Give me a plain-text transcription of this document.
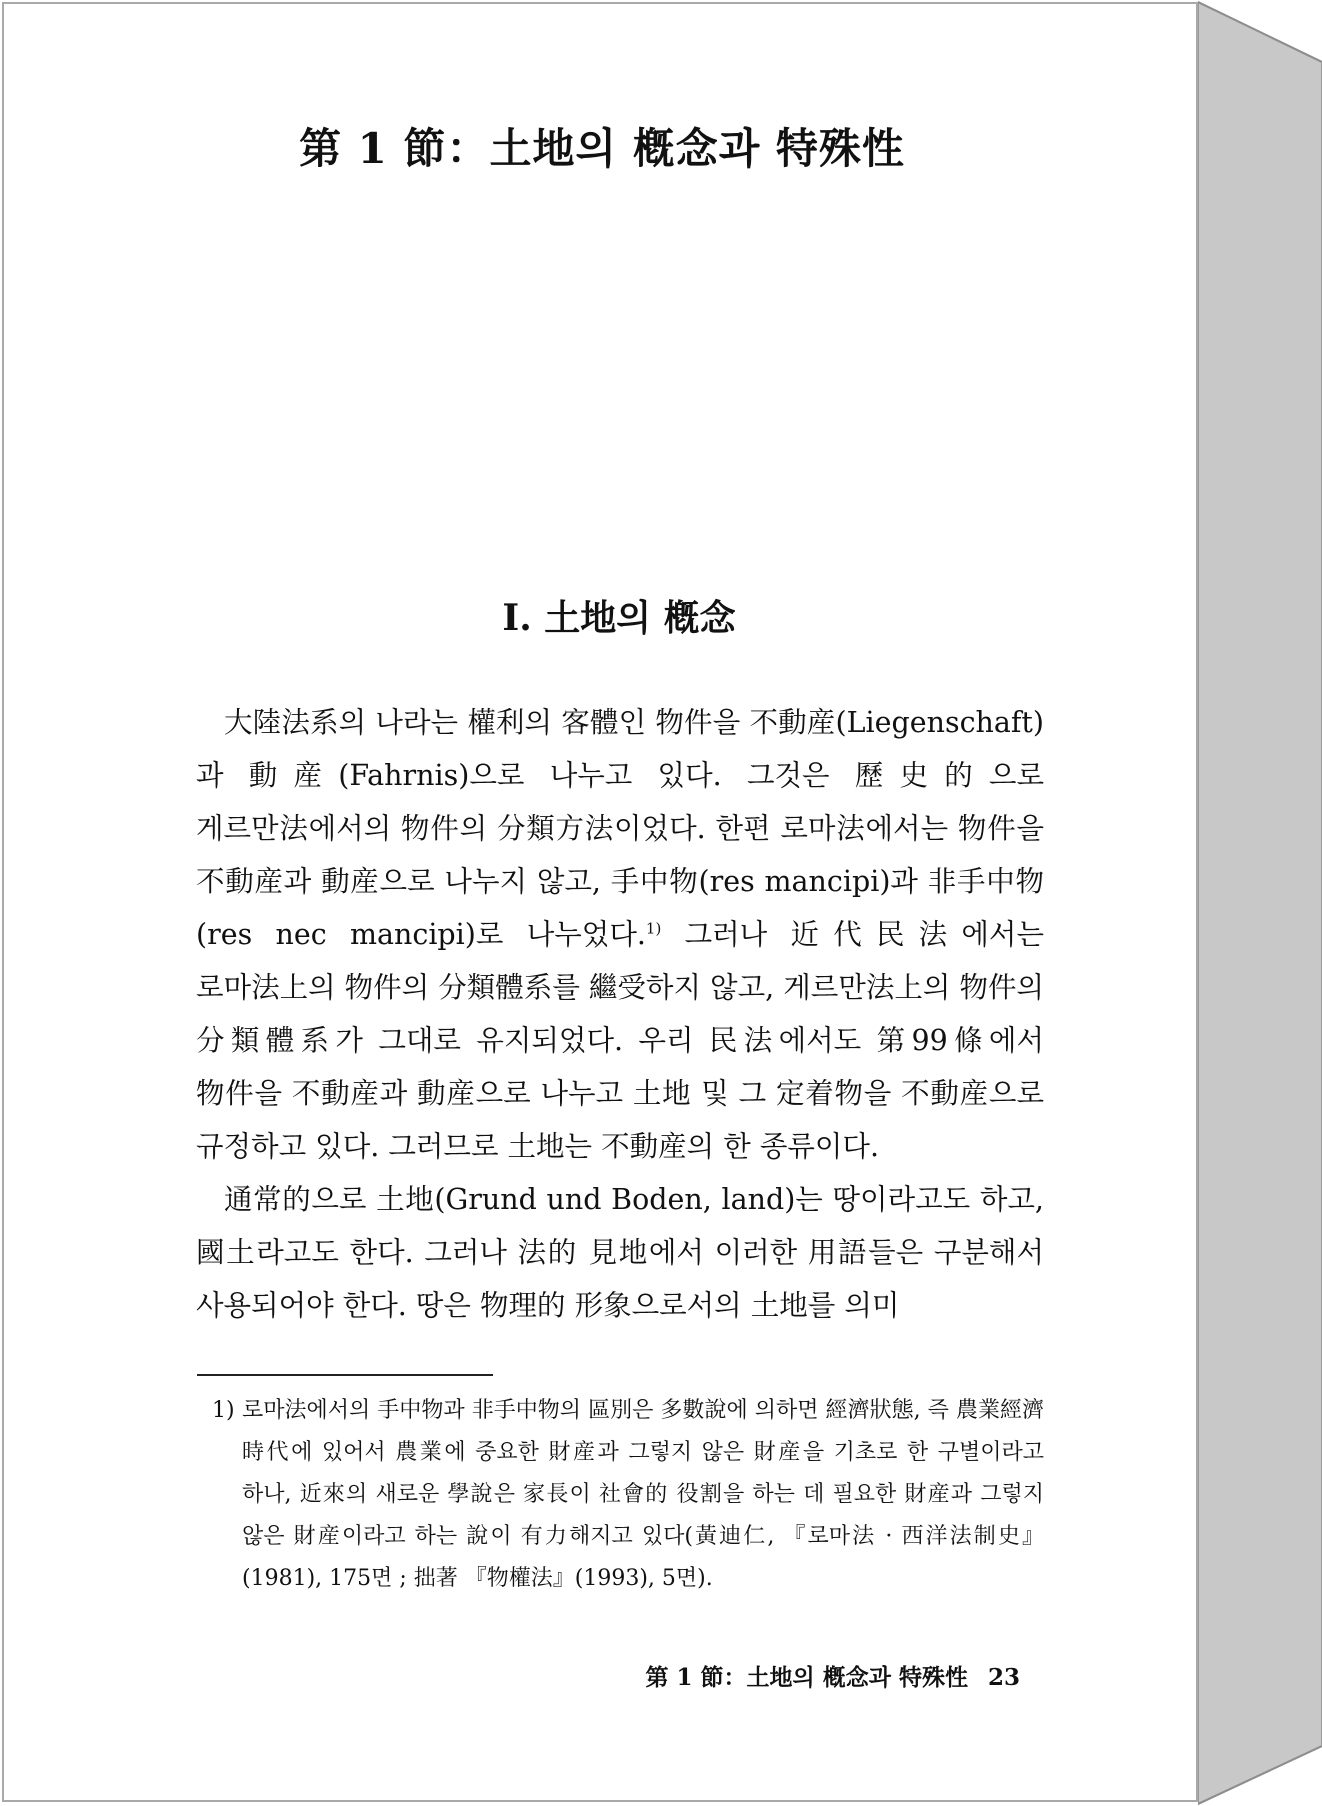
第 1 節：土地의 槪念과 特殊性
Ⅰ. 土地의 槪念

大陸法系의 나라는 權利의 客體인 物件을 不動産(Liegenschaft)과 動産(Fahrnis)으로 나누고 있다. 그것은 歷史的으로 게르만法에서의 物件의 分類方法이었다. 한편 로마法에서는 物件을 不動産과 動産으로 나누지 않고, 手中物(res mancipi)과 非手中物(res nec mancipi)로 나누었다.$^{1)}$ 그러나 近代民法에서는 로마法上의 物件의 分類體系를 繼受하지 않고, 게르만法上의 物件의 分類體系가 그대로 유지되었다. 우리 民法에서도 第99條에서 物件을 不動産과 動産으로 나누고 土地 및 그 定着物을 不動産으로 규정하고 있다. 그러므로 土地는 不動産의 한 종류이다.

通常的으로 土地(Grund und Boden, land)는 땅이라고도 하고, 國土라고도 한다. 그러나 法的 見地에서 이러한 用語들은 구분해서 사용되어야 한다. 땅은 物理的 形象으로서의 土地를 의미

1) 로마法에서의 手中物과 非手中物의 區別은 多數說에 의하면 經濟狀態, 즉 農業經濟 時代에 있어서 農業에 중요한 財産과 그렇지 않은 財産을 기초로 한 구별이라고 하나, 近來의 새로운 學說은 家長이 社會的 役割을 하는 데 필요한 財産과 그렇지 않은 財産이라고 하는 說이 有力해지고 있다(黃迪仁, 『로마法 · 西洋法制史』(1981), 175면 ; 拙著 『物權法』(1993), 5면).
第 1 節：土地의 槪念과 特殊性 23
